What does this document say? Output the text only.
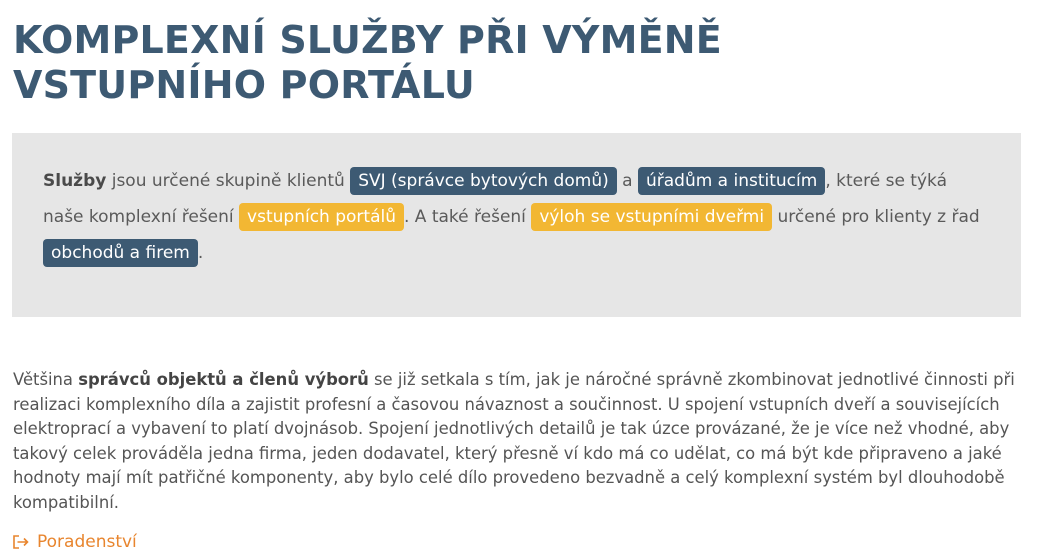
KOMPLEXNÍ SLUŽBY PŘI VÝMĚNĚ
VSTUPNÍHO PORTÁLU
Služby jsou určené skupině klientů SVJ (správce bytových domů) a úřadům a institucím , které se týká naše komplexní řešení vstupních portálů . A také řešení výloh se vstupními dveřmi určené pro klienty z řad obchodů a firem .

Většina správců objektů a členů výborů se již setkala s tím, jak je náročné správně zkombinovat jednotlivé činnosti při realizaci komplexního díla a zajistit profesní a časovou návaznost a součinnost. U spojení vstupních dveří a souvisejících elektroprací a vybavení to platí dvojnásob. Spojení jednotlivých detailů je tak úzce provázané, že je více než vhodné, aby takový celek prováděla jedna firma, jeden dodavatel, který přesně ví kdo má co udělat, co má být kde připraveno a jaké hodnoty mají mít patřičné komponenty, aby bylo celé dílo provedeno bezvadně a celý komplexní systém byl dlouhodobě kompatibilní.

Poradenství
